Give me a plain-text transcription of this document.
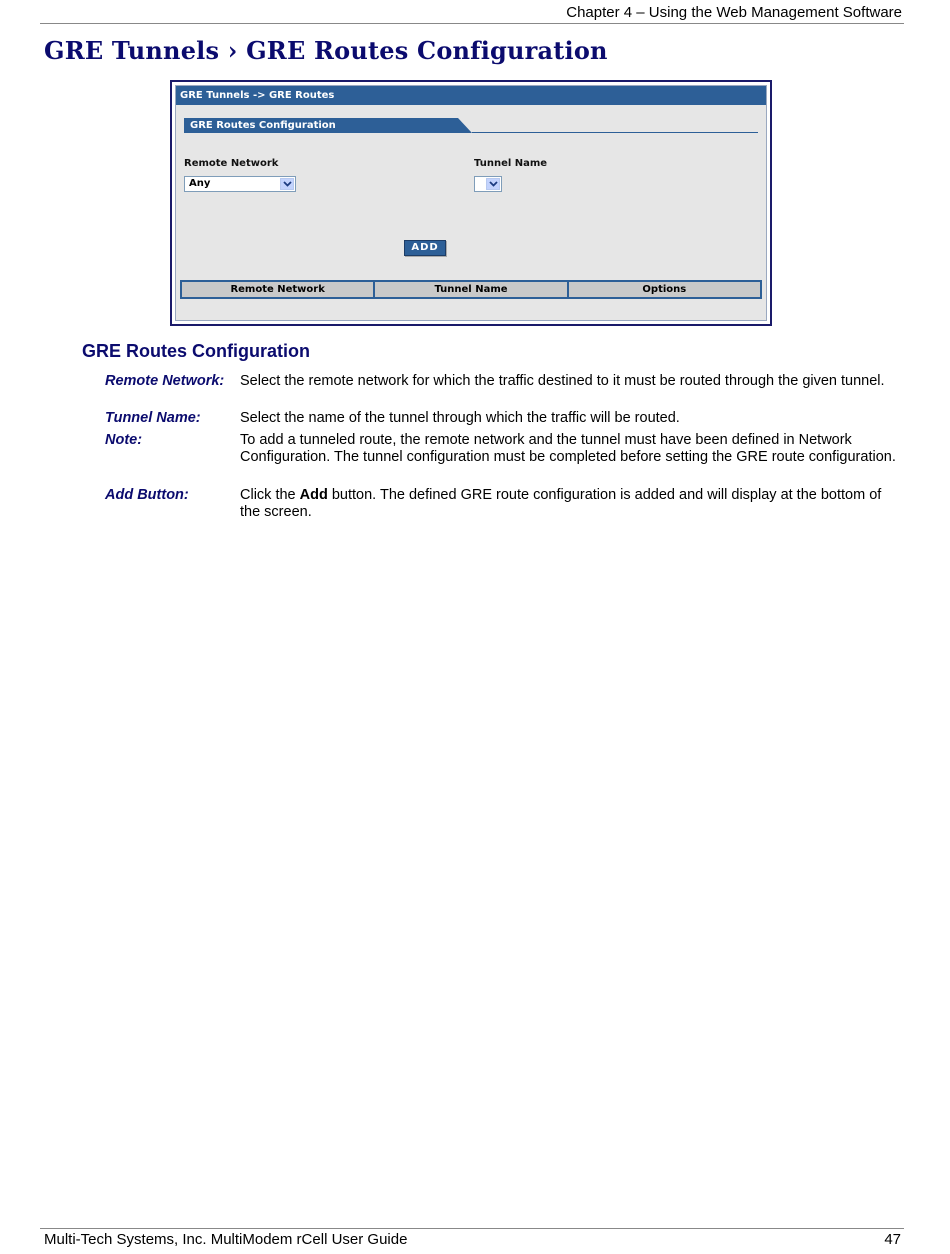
Chapter 4 – Using the Web Management Software
GRE Tunnels › GRE Routes Configuration
GRE Tunnels -> GRE Routes
GRE Routes Configuration
Remote Network
Any
Tunnel Name
ADD
Remote Network	Tunnel Name	Options
GRE Routes Configuration
Remote Network: Select the remote network for which the traffic destined to it must be routed through the given tunnel.
Tunnel Name:	Select the name of the tunnel through which the traffic will be routed.
Note:	To add a tunneled route, the remote network and the tunnel must have been defined in Network Configuration. The tunnel configuration must be completed before setting the GRE route configuration.
Add Button:	Click the Add button. The defined GRE route configuration is added and will display at the bottom of the screen.
Multi-Tech Systems, Inc. MultiModem rCell User Guide	47
